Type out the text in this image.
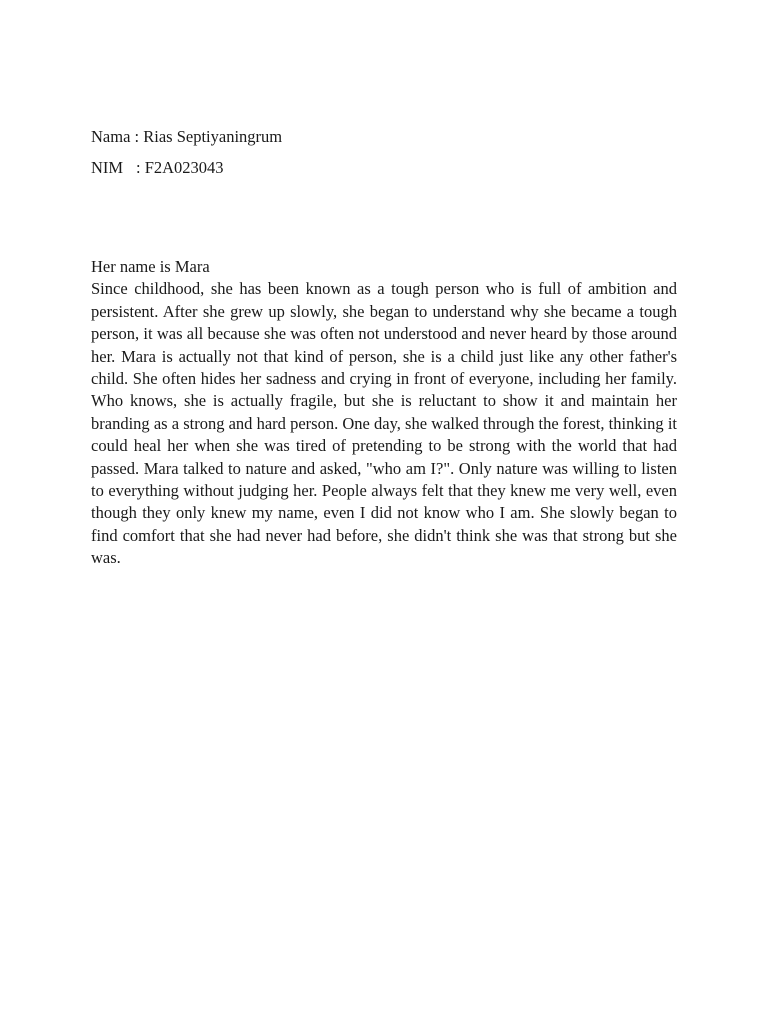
Nama : Rias Septiyaningrum
NIM : F2A023043

Her name is Mara

Since childhood, she has been known as a tough person who is full of ambition and persistent. After she grew up slowly, she began to understand why she became a tough person, it was all because she was often not understood and never heard by those around her. Mara is actually not that kind of person, she is a child just like any other father's child. She often hides her sadness and crying in front of everyone, including her family. Who knows, she is actually fragile, but she is reluctant to show it and maintain her branding as a strong and hard person. One day, she walked through the forest, thinking it could heal her when she was tired of pretending to be strong with the world that had passed. Mara talked to nature and asked, "who am I?". Only nature was willing to listen to everything without judging her. People always felt that they knew me very well, even though they only knew my name, even I did not know who I am. She slowly began to find comfort that she had never had before, she didn't think she was that strong but she was.
